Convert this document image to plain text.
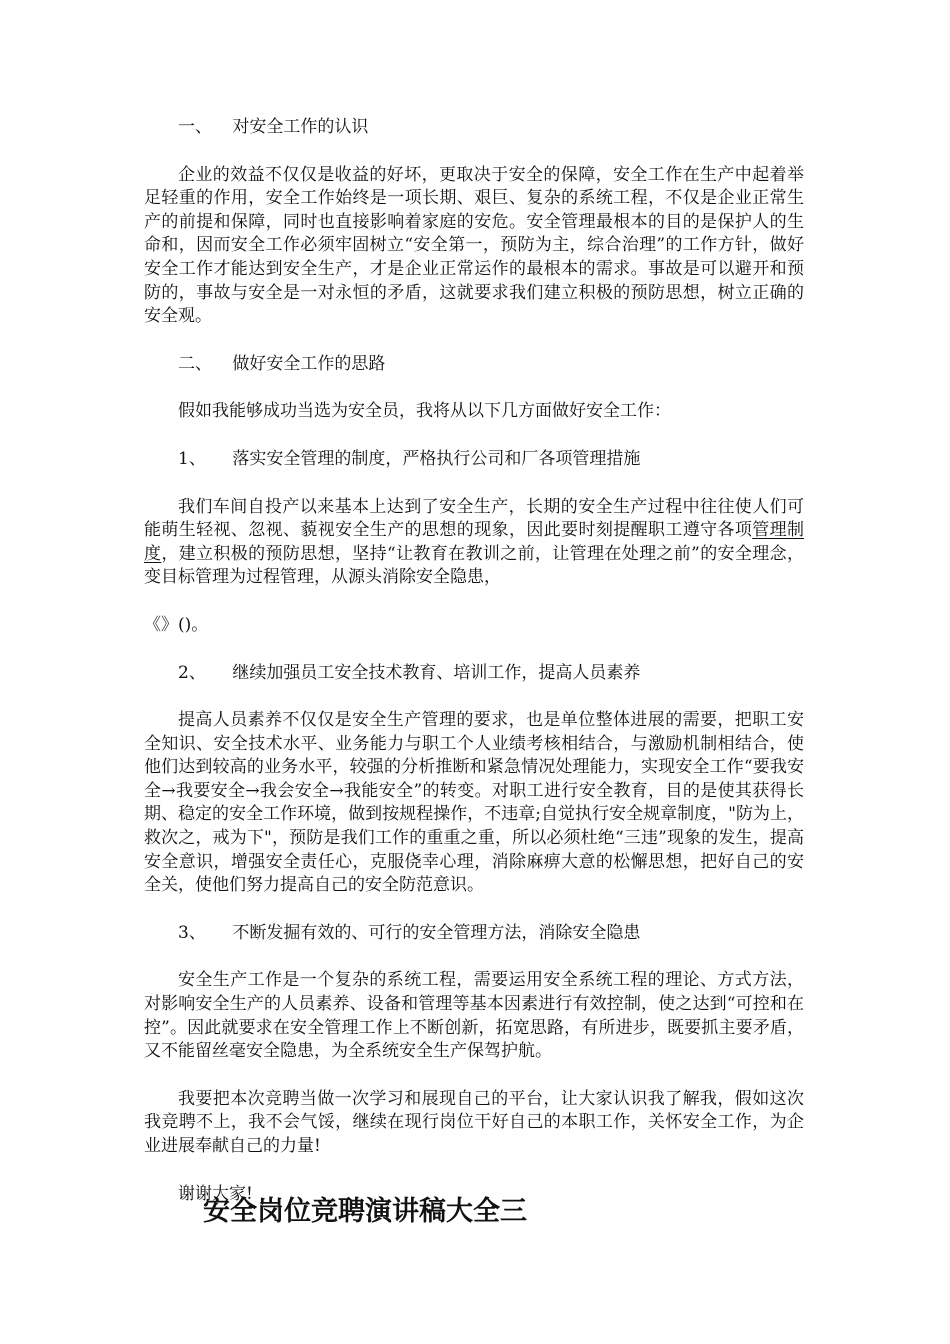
一、 对安全工作的认识

企业的效益不仅仅是收益的好坏，更取决于安全的保障，安全工作在生产中起着举足轻重的作用，安全工作始终是一项长期、艰巨、复杂的系统工程，不仅是企业正常生产的前提和保障，同时也直接影响着家庭的安危。安全管理最根本的目的是保护人的生命和，因而安全工作必须牢固树立“安全第一，预防为主，综合治理”的工作方针，做好安全工作才能达到安全生产，才是企业正常运作的最根本的需求。事故是可以避开和预防的，事故与安全是一对永恒的矛盾，这就要求我们建立积极的预防思想，树立正确的安全观。

二、 做好安全工作的思路

假如我能够成功当选为安全员，我将从以下几方面做好安全工作：

1、 落实安全管理的制度，严格执行公司和厂各项管理措施

我们车间自投产以来基本上达到了安全生产，长期的安全生产过程中往往使人们可能萌生轻视、忽视、藐视安全生产的思想的现象，因此要时刻提醒职工遵守各项管理制度，建立积极的预防思想，坚持“让教育在教训之前，让管理在处理之前”的安全理念，变目标管理为过程管理，从源头消除安全隐患，

《》()。

2、 继续加强员工安全技术教育、培训工作，提高人员素养

提高人员素养不仅仅是安全生产管理的要求，也是单位整体进展的需要，把职工安全知识、安全技术水平、业务能力与职工个人业绩考核相结合，与激励机制相结合，使他们达到较高的业务水平，较强的分析推断和紧急情况处理能力，实现安全工作“要我安全→我要安全→我会安全→我能安全”的转变。对职工进行安全教育，目的是使其获得长期、稳定的安全工作环境，做到按规程操作，不违章;自觉执行安全规章制度，"防为上，救次之，戒为下"，预防是我们工作的重重之重，所以必须杜绝“三违”现象的发生，提高安全意识，增强安全责任心，克服侥幸心理，消除麻痹大意的松懈思想，把好自己的安全关，使他们努力提高自己的安全防范意识。

3、 不断发掘有效的、可行的安全管理方法，消除安全隐患

安全生产工作是一个复杂的系统工程，需要运用安全系统工程的理论、方式方法，对影响安全生产的人员素养、设备和管理等基本因素进行有效控制，使之达到“可控和在控”。因此就要求在安全管理工作上不断创新，拓宽思路，有所进步，既要抓主要矛盾，又不能留丝毫安全隐患，为全系统安全生产保驾护航。

我要把本次竞聘当做一次学习和展现自己的平台，让大家认识我了解我，假如这次我竞聘不上，我不会气馁，继续在现行岗位干好自己的本职工作，关怀安全工作，为企业进展奉献自己的力量!

谢谢大家!

安全岗位竞聘演讲稿大全三
